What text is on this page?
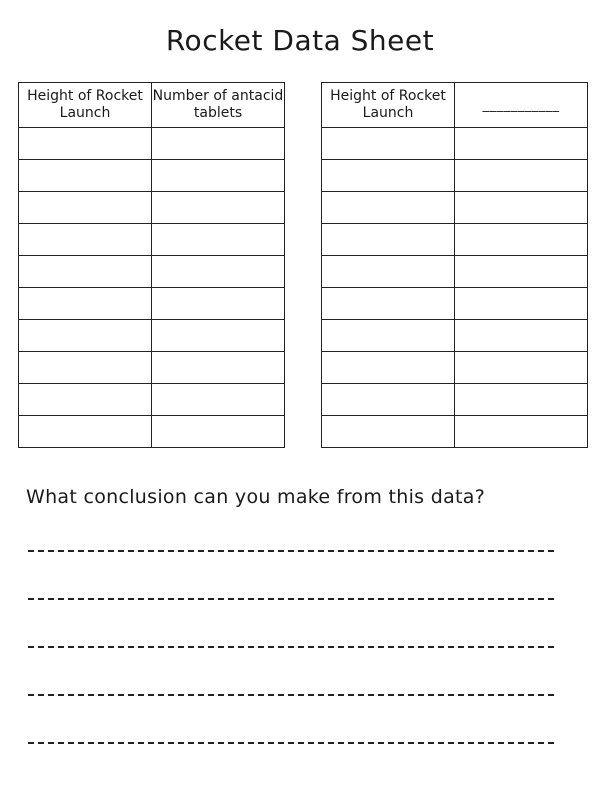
Rocket Data Sheet
Height of Rocket Launch	Number of antacid tablets

Height of Rocket Launch	___________

What conclusion can you make from this data?
